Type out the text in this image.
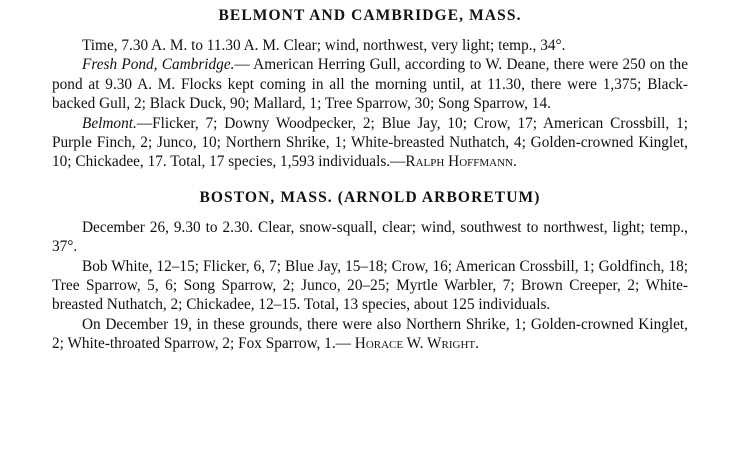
BELMONT AND CAMBRIDGE, MASS.

Time, 7.30 A. M. to 11.30 A. M. Clear; wind, northwest, very light; temp., 34°.

Fresh Pond, Cambridge.— American Herring Gull, according to W. Deane, there were 250 on the pond at 9.30 A. M. Flocks kept coming in all the morning until, at 11.30, there were 1,375; Black-backed Gull, 2; Black Duck, 90; Mallard, 1; Tree Sparrow, 30; Song Sparrow, 14.

Belmont.—Flicker, 7; Downy Woodpecker, 2; Blue Jay, 10; Crow, 17; American Crossbill, 1; Purple Finch, 2; Junco, 10; Northern Shrike, 1; White-breasted Nuthatch, 4; Golden-crowned Kinglet, 10; Chickadee, 17. Total, 17 species, 1,593 individuals.—Ralph Hoffmann.

BOSTON, MASS. (ARNOLD ARBORETUM)

December 26, 9.30 to 2.30. Clear, snow-squall, clear; wind, southwest to northwest, light; temp., 37°.

Bob White, 12–15; Flicker, 6, 7; Blue Jay, 15–18; Crow, 16; American Crossbill, 1; Goldfinch, 18; Tree Sparrow, 5, 6; Song Sparrow, 2; Junco, 20–25; Myrtle Warbler, 7; Brown Creeper, 2; White-breasted Nuthatch, 2; Chickadee, 12–15. Total, 13 species, about 125 individuals.

On December 19, in these grounds, there were also Northern Shrike, 1; Golden-crowned Kinglet, 2; White-throated Sparrow, 2; Fox Sparrow, 1.— Horace W. Wright.
